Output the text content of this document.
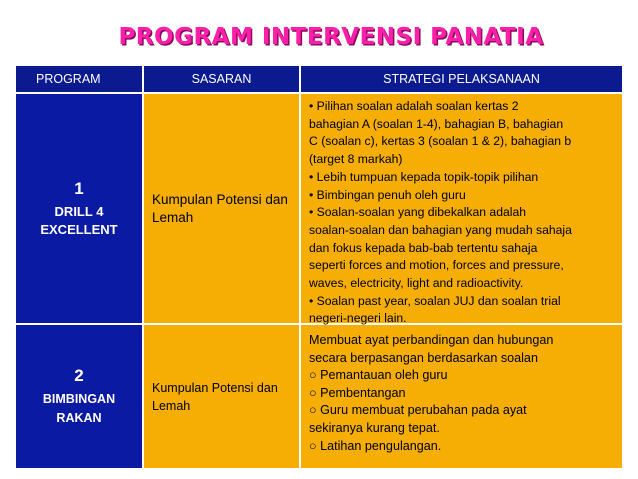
PROGRAM INTERVENSI PANATIA
PROGRAM	SASARAN	STRATEGI PELAKSANAAN
1
DRILL 4
EXCELLENT
Kumpulan Potensi dan Lemah
• Pilihan soalan adalah soalan kertas 2
bahagian A (soalan 1-4), bahagian B, bahagian
C (soalan c), kertas 3 (soalan 1 & 2), bahagian b
(target 8 markah)
• Lebih tumpuan kepada topik-topik pilihan
• Bimbingan penuh oleh guru
• Soalan-soalan yang dibekalkan adalah
soalan-soalan dan bahagian yang mudah sahaja
dan fokus kepada bab-bab tertentu sahaja
seperti forces and motion, forces and pressure,
waves, electricity, light and radioactivity.
• Soalan past year, soalan JUJ dan soalan trial
negeri-negeri lain.
2
BIMBINGAN
RAKAN
Kumpulan Potensi dan Lemah
Membuat ayat perbandingan dan hubungan
secara berpasangan berdasarkan soalan
○ Pemantauan oleh guru
○ Pembentangan
○ Guru membuat perubahan pada ayat
sekiranya kurang tepat.
○ Latihan pengulangan.
